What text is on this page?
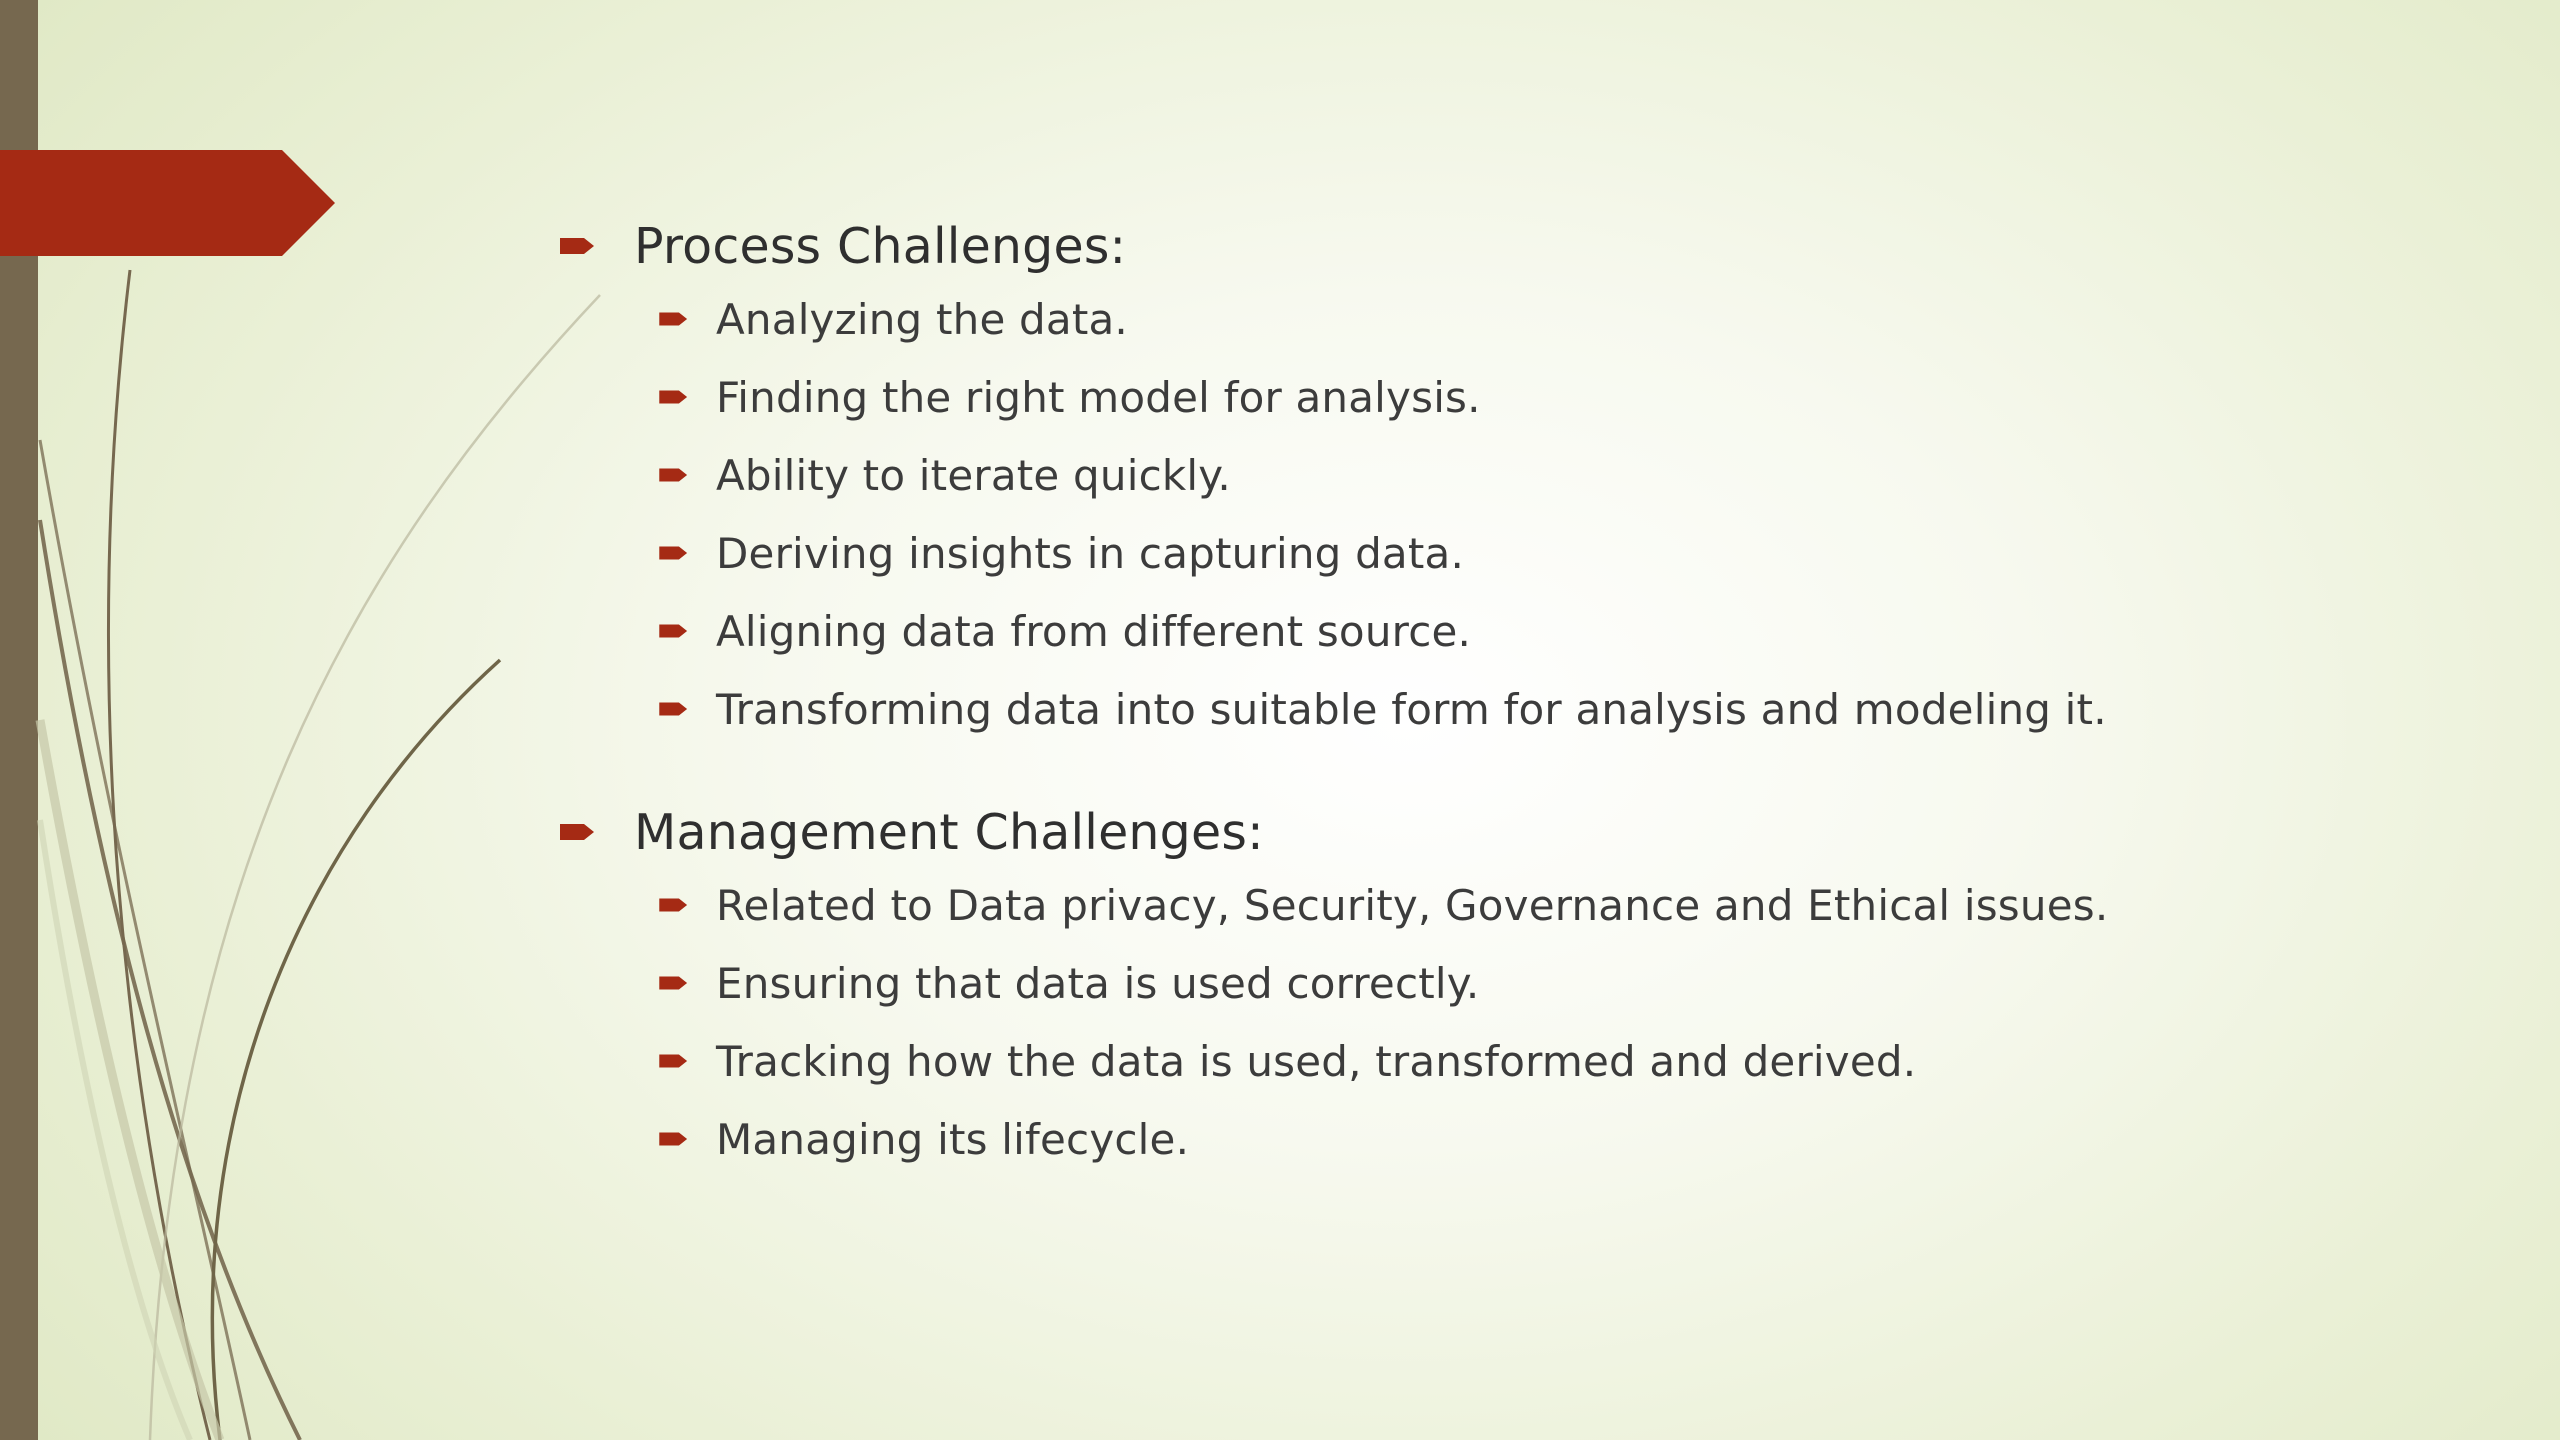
Process Challenges:
Analyzing the data.
Finding the right model for analysis.
Ability to iterate quickly.
Deriving insights in capturing data.
Aligning data from different source.
Transforming data into suitable form for analysis and modeling it.
Management Challenges:
Related to Data privacy, Security, Governance and Ethical issues.
Ensuring that data is used correctly.
Tracking how the data is used, transformed and derived.
Managing its lifecycle.
